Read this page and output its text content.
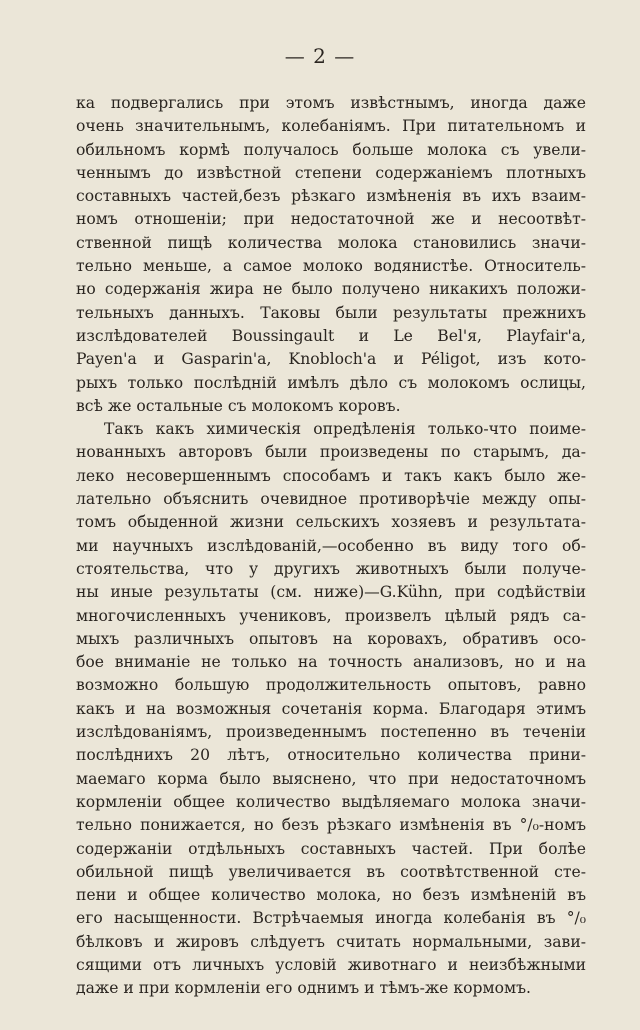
— 2 —
ка подвергались при этомъ извѣстнымъ, иногда даже
очень значительнымъ, колебаніямъ. При питательномъ и
обильномъ кормѣ получалось больше молока съ увели-
ченнымъ до извѣстной степени содержаніемъ плотныхъ
составныхъ частей,безъ рѣзкаго измѣненія въ ихъ взаим-
номъ отношеніи; при недостаточной же и несоотвѣт-
ственной пищѣ количества молока становились значи-
тельно меньше, а самое молоко водянистѣе. Относитель-
но содержанія жира не было получено никакихъ положи-
тельныхъ данныхъ. Таковы были результаты прежнихъ
изслѣдователей Boussingault и Le Bel'я, Playfair'а,
Payen'а и Gasparin'а, Knobloch'а и Péligot, изъ кото-
рыхъ только послѣдній имѣлъ дѣло съ молокомъ ослицы,
всѣ же остальные съ молокомъ коровъ.
Такъ какъ химическія опредѣленія только-что поиме-
нованныхъ авторовъ были произведены по старымъ, да-
леко несовершеннымъ способамъ и такъ какъ было же-
лательно объяснить очевидное противорѣчіе между опы-
томъ обыденной жизни сельскихъ хозяевъ и результата-
ми научныхъ изслѣдованій,—особенно въ виду того об-
стоятельства, что у другихъ животныхъ были получе-
ны иные результаты (см. ниже)—G.Kühn, при содѣйствіи
многочисленныхъ учениковъ, произвелъ цѣлый рядъ са-
мыхъ различныхъ опытовъ на коровахъ, обративъ осо-
бое вниманіе не только на точность анализовъ, но и на
возможно большую продолжительность опытовъ, равно
какъ и на возможныя сочетанія корма. Благодаря этимъ
изслѣдованіямъ, произведеннымъ постепенно въ теченіи
послѣднихъ 20 лѣтъ, относительно количества прини-
маемаго корма было выяснено, что при недостаточномъ
кормленіи общее количество выдѣляемаго молока значи-
тельно понижается, но безъ рѣзкаго измѣненія въ °/₀-номъ
содержаніи отдѣльныхъ составныхъ частей. При болѣе
обильной пищѣ увеличивается въ соотвѣтственной сте-
пени и общее количество молока, но безъ измѣненій въ
его насыщенности. Встрѣчаемыя иногда колебанія въ °/₀
бѣлковъ и жировъ слѣдуетъ считать нормальными, зави-
сящими отъ личныхъ условій животнаго и неизбѣжными
даже и при кормленіи его однимъ и тѣмъ-же кормомъ.
